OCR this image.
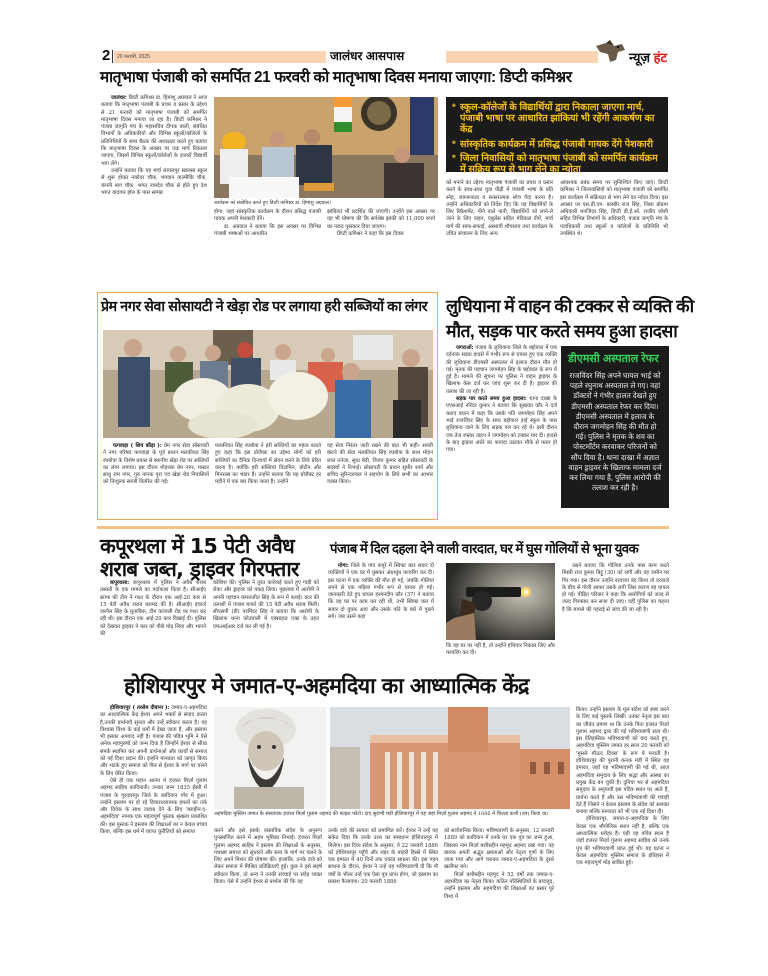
2 20 फरवरी, 2025	जालंधर आसपास	न्यूज़ हंट
मातृभाषा पंजाबी को समर्पित 21 फरवरी को मातृभाषा दिवस मनाया जाएगा: डिप्टी कमिश्नर

जालंधर: डिप्टी कमिश्नर डा. हिमांशु अग्रवाल ने आज बताया कि मातृभाषा पंजाबी के प्रचार व प्रसार के उद्देश्य से 21 फरवरी को मातृभाषा पंजाबी को समर्पित मातृभाषा दिवस मनाया जा रहा है। डिप्टी कमिश्नर ने पंजाब जागृति मंच के महासचिव दीपक बाली, संबंधित विभागों के अधिकारियों और विभिन्न स्कूलों/कॉलेजों के प्रतिनिधियों के साथ बैठक की अध्यक्षता करते हुए बताया कि मातृभाषा दिवस के अवसर पर एक मार्च निकाला जाएगा, जिसमें विभिन्न स्कूलों/कॉलेजों के हजारों विद्यार्थी भाग लेंगे।

उन्होंने बताया कि यह मार्च लायलपुर खालसा स्कूल से शुरू होकर नकोदर चौक, भगवान वाल्मीकि चौक, कंपनी बाग चौक, भगत नामदेव चौक से होते हुए देश भगत यादगार हॉल के पास सम्पन्न

कार्यक्रम को संबोधित करते हुए डिप्टी कमिश्नर डा. हिमांशु अग्रवाल।

होगा, जहां सांस्कृतिक कार्यक्रम के दौरान प्रसिद्ध पंजाबी गायक अपनी पेशकारी देंगे।

डा. अग्रवाल ने बताया कि इस अवसर पर विभिन्न पंजाबी भाषाओं पर आधारित

झांकियां भी प्रदर्शित की जाएंगी। उन्होंने इस अवसर पर यह भी घोषणा की कि सर्वश्रेष्ठ झांकी को 11,000 रुपये का नकद पुरस्कार दिया जाएगा।

डिप्टी कमिश्नर ने कहा कि इस दिवस

* स्कूल-कॉलेजों के विद्यार्थियों द्वारा निकाला जाएगा मार्च, पंजाबी भाषा पर आधारित झांकियां भी रहेंगी आकर्षण का केंद्र
* सांस्कृतिक कार्यक्रम में प्रसिद्ध पंजाबी गायक देंगे पेशकारी
* जिला निवासियों को मातृभाषा पंजाबी को समर्पित कार्यक्रम में सक्रिय रूप से भाग लेने का न्योता
को मनाने का उद्देश्य मातृभाषा पंजाबी का प्रचार व प्रसार करने के साथ-साथ युवा पीढ़ी में पंजाबी भाषा के प्रति स्नेह, जागरूकता व सकारात्मक सोच पैदा करना है। उन्होंने अधिकारियों को निर्देश दिए कि यह विद्यार्थियों के लिए रिफ्रैशमेंट, पीने वाले पानी, विद्यार्थियों को लाने-ले जाने के लिए वाहन, एंबुलेंस सहित मेडिकल टीमें, मार्च मार्ग की साफ-सफाई, अस्थायी शौचालय तथा कार्यक्रम के उचित संचालन के लिए अन्य
आवश्यक प्रबंध समय पर सुनिश्चित किए जाएं। डिप्टी कमिश्नर ने जिलावासियों को मातृभाषा पंजाबी को समर्पित इस कार्यक्रम में सक्रियता से भाग लेने का न्योता दिया। इस अवसर पर एस.डी.एम. बलबीर राज सिंह, जिला प्रोग्राम अधिकारी मनजिंदर सिंह, डिप्टी डी.ई.ओ. राजीव जोशी सहित विभिन्न विभागों के अधिकारी, पंजाब जागृति मंच के पदाधिकारी तथा स्कूलों व कॉलेजों के प्रतिनिधि भी उपस्थित थे।
प्रेम नगर सेवा सोसायटी ने खेड़ा रोड पर लगाया हरी सब्जियों का लंगर

फगवाड़ा ( शिव कौड़ा ): प्रेम नगर सेवा सोसायटी ने नगर परिषद फगवाड़ा के पूर्व प्रधान मलकीयत सिंह रघबोत्रा के विशेष प्रयास से स्थानीय खेड़ा रोड पर सब्जियों का लंगर लगाया। इस दौरान मोहल्ला प्रेम नगर, मास्टर साधु राम नगर, गुरु नानक पुरा एवं खेड़ा रोड निवासियों को निःशुल्क सब्जी वितरित की गईं।

मलकीयत सिंह रघबोत्रा ने हरी सब्जियों का महत्व बताते हुए कहा कि इस प्रोजैक्ट का उद्देश्य लोगों को हरी सब्जियों का दैनिक दिनचर्या में सेवन करने के लिये प्रेरित करना है। क्योंकि हरी सब्जियां विटामिन, प्रोटीन और मिनरल्स का भंडार हैं। उन्होंने बताया कि यह प्रोजैक्ट हर महीने में एक बार किया जाता है। उन्होंने
यह सेवा निरंतर जारी रखने की बात भी कही। सब्जी बांटने की सेवा मलकीयत सिंह रघबोत्रा के साथ मोहन लाल तनेजा, सुधा बेदी, विजय कुमार सहित सोसायटी के सदस्यों ने निभाई। सोसायटी के प्रधान सुधीर शर्मा और सचिव सुरिन्दरपाल ने सहयोग के लिये सभी का आभार व्यक्त किया।
लुधियाना में वाहन की टक्कर से व्यक्ति की
मौत, सड़क पार करते समय हुआ हादसा

जगराओं: पंजाब के लुधियाना जिले के बद्दोवाल में एक दर्दनाक सड़क हादसे में गंभीर रूप से घायल हुए एक व्यक्ति की लुधियाना डीएमसी अस्पताल में इलाज दौरान मौत हो गई। मृतक की पहचान जगमोहन सिंह के बद्दोवाल के रूप में हुई है। मामले की सूचना पर पुलिस ने वाहन ड्राइवर के खिलाफ केस दर्ज कर जांच शुरू कर दी है। ड्राइवर की तलाश की जा रही है।

सड़क पार करते समय हुआ हादसा: थाना दाखा के एएसआई नरिंदर कुमार ने बताया कि सुखवंत कौर ने दर्ज कराए बयान में कहा कि उसके पति जगमोहन सिंह अपने भाई राजविंदर सिंह के साथ बद्दोवाल हाई स्कूल के पास लुधियाना जाने के लिए सड़क पार कर रहे थे। इसी दौरान एक तेज रफ्तार वाहन ने जगमोहन को टक्कर मार दी। हादसे के बाद ड्राइवर अंधेरे का फायदा उठाकर मौके से फरार हो गया।

डीएमसी अस्पताल रेफर
राजविंदर सिंह अपने घायल भाई को पहले रघुनाथ अस्पताल ले गए। वहां डॉक्टरों ने गंभीर हालत देखते हुए डीएमसी अस्पताल रेफर कर दिया। डीएमसी अस्पताल में इलाज के दौरान जगमोहन सिंह की मौत हो गई। पुलिस ने मृतक के शव का पोस्टमॉर्टम करवाकर परिजनों को सौंप दिया है। थाना दाखा में अज्ञात वाहन ड्राइवर के खिलाफ मामला दर्ज कर लिया गया है, पुलिस आरोपी की तलाश कर रही है।
कपूरथला में 15 पेटी अवैध
शराब जब्त, ड्राइवर गिरफ्तार

कपूरथला: कपूरथला में पुलिस ने अवैध शराब तस्करी के एक मामले का पर्दाफाश किया है। सीआईए स्टाफ की टीम ने गश्त के दौरान एक आई-20 कार से 15 पेटी अवैध शराब बरामद की है। सीआईए इंचार्ज जरनैल सिंह के मुताबिक, टीम कांजली रोड पर गश्त कर रही थी। इस दौरान एक आई-20 कार दिखाई दी। पुलिस को देखकर ड्राइवर ने कार को पीछे मोड़ लिया और भागने की

कोशिश की। पुलिस ने तुरंत कार्रवाई करते हुए गाड़ी को रोका और ड्राइवर को पकड़ लिया। पूछताछ में आरोपी ने अपनी पहचान कमलजीत सिंह के रूप में बताई। कार की तलाशी में पंजाब मार्का की 15 पेटी अवैध शराब मिली। सीएसपी (डी) परमिंदर सिंह ने बताया कि आरोपी के खिलाफ थाना कोतवाली में एक्साइज एक्ट के तहत एफआईआर दर्ज कर ली गई है।
पंजाब में दिल दहला देने वाली वारदात, घर में घुस गोलियों से भूना युवक

मोगा: जिले के गांव कपूरे में स्विफ्ट कार सवार दो व्यक्तियों ने एक घर में घुसकर अंधाधुंध फायरिंग कर दी। इस घटना में एक व्यक्ति की मौत हो गई, जबकि गोलियां लगने से एक महिला गंभीर रूप से घायल हो गई। जानकारी देते हुए घायल हरमनदीप कौर (37) ने बताया कि वह घर पर काम कर रही थी, तभी स्विफ्ट कार में सवार दो युवक आए और उसके पति के बारे में पूछने लगे। जब उसने कहा

कि वह घर पर नहीं है, तो उन्होंने हथियार निकाल लिए और फायरिंग कर दी।

उसने बताया कि गोलियां उनके पास काम करते मिस्त्री राज कुमार बिट्टू (30) को लगीं और वह जमीन पर गिर गया। इस दौरान उन्होंने दरवाजा बंद किया तो दरवाजे के बीच से गोली आकर उसके लगी जिस कारण वह घायल हो गई। पीड़ित परिवार ने कहा कि आरोपियों को जल्द से जल्द गिरफ्तार कर सजा दी जाए। वहीं पुलिस का कहना है कि मामले की गहराई से जांच की जा रही है।

होशियारपुर मे जमात-ए-अहमदिया का आध्यात्मिक केंद्र

होशियारपुर ( तरसेम दीवाना ): जमात-ए-अहमदिया का आध्यात्मिक केंद्र ईश्वर अपने भक्तों से संवाद करता है,उनकी प्रार्थनाएँ सुनता और उन्हें स्वीकार करता है। यह विश्वास विश्व के कई धर्मों में देखा जाता है, और इस्लाम भी इसका अपवाद नहीं है। पंजाब की पवित्र भूमि ने ऐसे अनेक महापुरुषों को जन्म दिया है जिन्होंने ईश्वर से सीधा संपर्क स्थापित कर अपनी प्रार्थनाओं और कार्यों से समाज को नई दिशा प्रदान की। इन्होंने मानवता को जागृत किया और भटके हुए समाज को फिर से ईश्वर के मार्ग पर चलने के लिए प्रेरित किया।

ऐसे ही एक महान आत्मा थे हजरत मिर्ज़ा गुलाम अहमद साहिब कादियानी। उनका जन्म 1835 ईस्वी में पंजाब के गुरदासपुर जिले के कादियान गाँव में हुआ। उन्होंने इस्लाम पर हो रहे विचारधारात्मक हमलों का तर्क और विवेक के साथ जवाब देने के लिए 'बराहीन-ए-अहमदिया' नामक एक महत्वपूर्ण पुस्तक श्रृंखला प्रकाशित की। इस पुस्तक ने इस्लाम की शिक्षाओं का न केवल बचाव किया, बल्कि इस धर्म में व्याप्त कुरीतियों को समाप्त

अहमदिया मुस्लिम जमात के संस्थापक हजरत मिर्ज़ा गुलाम अहमद की फाइल फोटो। दाएं,सुराणी मंडी होशियारपुर में वह जहां मिर्ज़ा गुलाम अहमद ने 1886 में चिल्ला कशी (तप) किया था।
करने और इसे इसके वास्तविक संदेश के अनुरूप पुनर्स्थापित करने में अहम भूमिका निभाई। हजरत मिर्ज़ा गुलाम अहमद साहिब ने इस्लाम की शिक्षाओं के अनुसार, पथभ्रष्ट समाज को सुधारने और सत्य के मार्ग पर चलने के लिए अपने मिशन की घोषणा की। हालांकि, उनके दावे को लेकर समाज में मिश्रित प्रतिक्रियाएँ हुईं। कुछ ने इसे सहर्ष स्वीकार किया, तो अन्य ने उनकी सच्चाई पर संदेह व्यक्त किया। ऐसे में उन्होंने ईश्वर से प्रार्थना की कि वह
उनके दावे की सत्यता को प्रमाणित करें। ईश्वर ने उन्हें यह संकेत दिया कि उनके उत्तर का समाधान होशियारपुर में मिलेगा। इस दिव्य संदेश के अनुसार, वे 22 जनवरी 1886 को होशियारपुर पहुँचे और शहर के बाहरी हिस्से में स्थित एक इमारत में 40 दिनों तक एकांत साधना की। इस गहन साधना के दौरान, ईश्वर ने उन्हें यह भविष्यवाणी दी कि नौ वर्षों के भीतर उन्हें एक ऐसा पुत्र प्राप्त होगा, जो इस्लाम का प्रकाश फैलाएगा। 20 फरवरी 1886

को सार्वजनिक किया। भविष्यवाणी के अनुसार, 12 जनवरी 1889 को कादियान में उनके घर एक पुत्र का जन्म हुआ, जिसका नाम मिर्ज़ा बशीरुद्दीन महमूद अहमद रखा गया। यह बालक अपनी अद्भुत क्षमताओं और नेतृत्व गुणों के लिए जाना गया और आगे चलकर जमात-ए-अहमदिया के दूसरे खलीफा बने।

मिर्ज़ा बशीरुद्दीन महमूद ने 52 वर्षों तक जमात-ए-अहमदिया का नेतृत्व किया। कठिन परिस्थितियों के बावजूद, उन्होंने इस्लाम और अहमदिया की शिक्षाओं का प्रसार पूरे विश्व में

किया। उन्होंने इस्लाम के मूल संदेश को स्पष्ट करने के लिए कई पुस्तकें लिखीं। उनका नेतृत्व इस बात का जीवंत प्रमाण था कि उनके पिता हजरत मिर्ज़ा गुलाम अहमद द्वारा की गई भविष्यवाणी सत्य थी। इस ऐतिहासिक भविष्यवाणी को याद करते हुए, अहमदिया मुस्लिम जमात हर साल 20 फरवरी को 'मुसले मौऊद दिवस' के रूप में मनाती है। होशियारपुर की पुरानी कनक मंडी में स्थित वह इमारत, जहाँ यह भविष्यवाणी की गई थी, आज अहमदिया समुदाय के लिए श्रद्धा और आस्था का प्रमुख केंद्र बन चुकी है। दुनिया भर से अहमदिया समुदाय के अनुयायी इस पवित्र स्थान पर आते हैं, प्रार्थना करते हैं और उस भविष्यवाणी की गवाही देते हैं जिसने न केवल इस्लाम के संदेश को सशक्त बनाया बल्कि मानवता को भी एक नई दिशा दी।

होशियारपुर, जमात-ए-अहमदिया के लिए केवल एक भौगोलिक स्थान नहीं है, बल्कि एक आध्यात्मिक धरोहर है। यही वह पवित्र स्थल है जहाँ हजरत मिर्ज़ा गुलाम अहमद साहिब को उनके पुत्र की भविष्यवाणी प्राप्त हुई थी। यह घटना न केवल अहमदिया मुस्लिम समाज के इतिहास में एक महत्वपूर्ण मोड़ साबित हुई।
